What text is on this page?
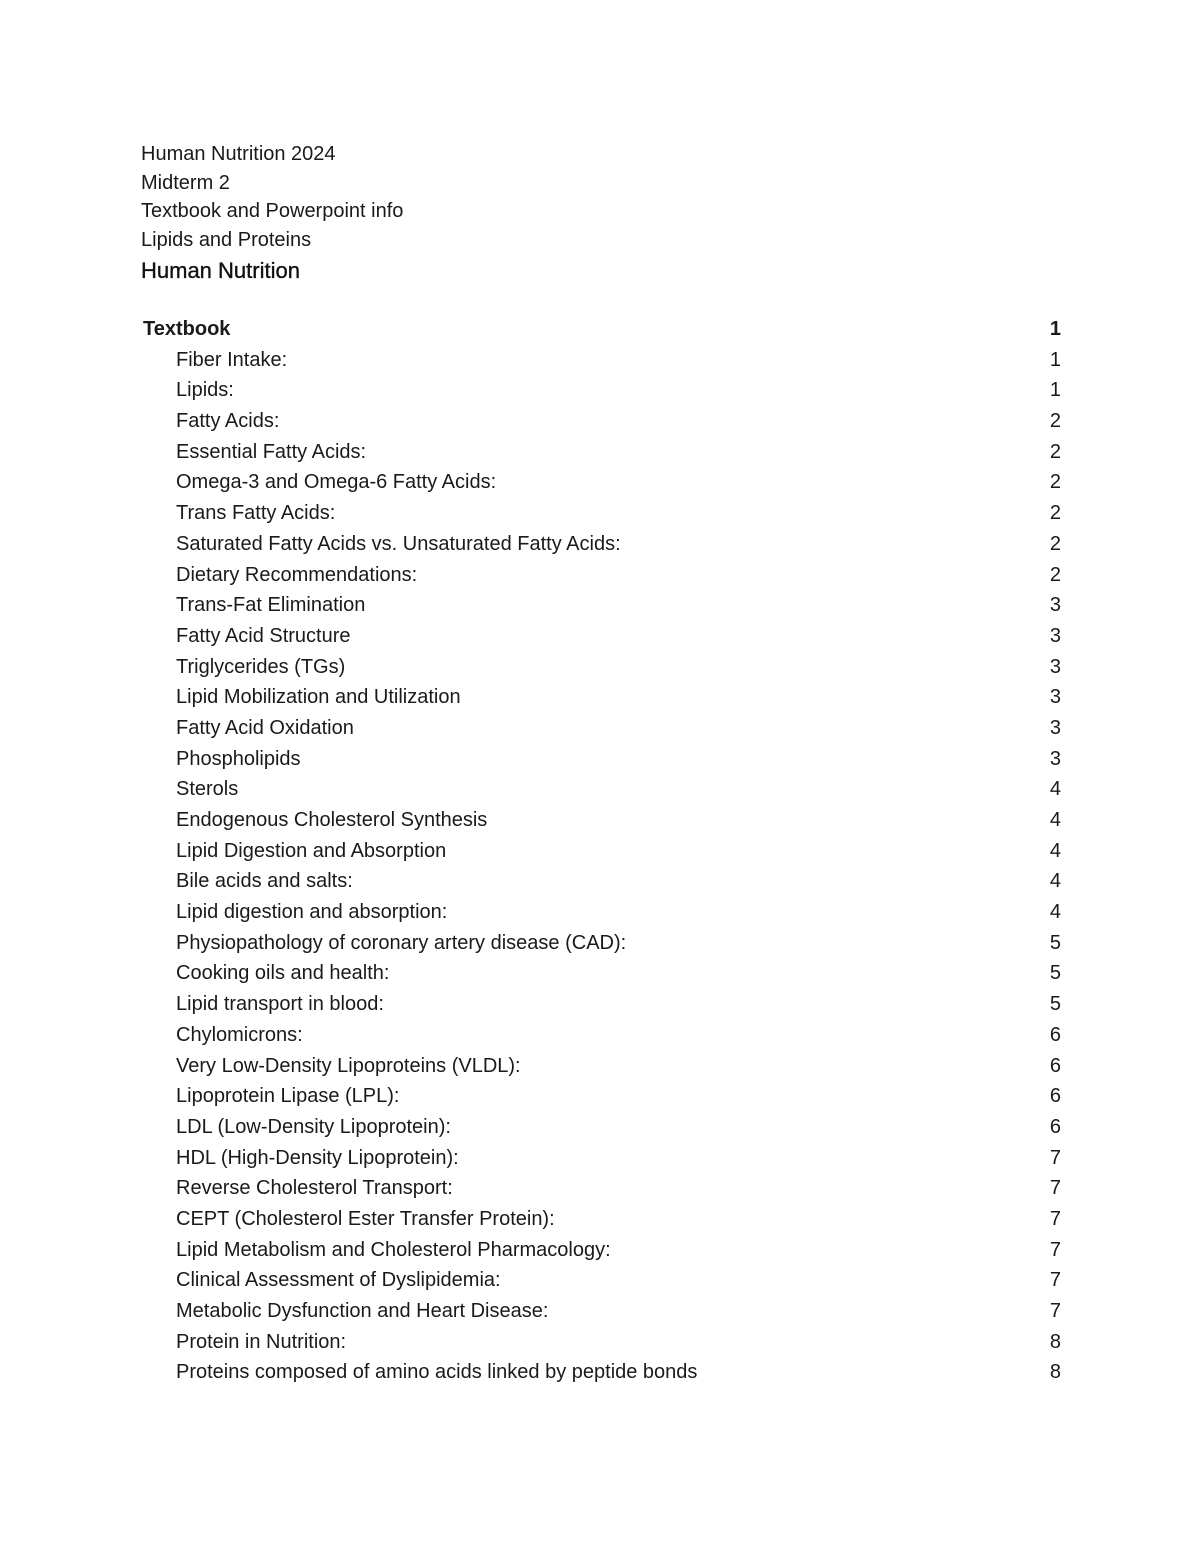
Human Nutrition 2024
Midterm 2
Textbook and Powerpoint info
Lipids and Proteins
Human Nutrition
Textbook	1
Fiber Intake:	1
Lipids:	1
Fatty Acids:	2
Essential Fatty Acids:	2
Omega-3 and Omega-6 Fatty Acids:	2
Trans Fatty Acids:	2
Saturated Fatty Acids vs. Unsaturated Fatty Acids:	2
Dietary Recommendations:	2
Trans-Fat Elimination	3
Fatty Acid Structure	3
Triglycerides (TGs)	3
Lipid Mobilization and Utilization	3
Fatty Acid Oxidation	3
Phospholipids	3
Sterols	4
Endogenous Cholesterol Synthesis	4
Lipid Digestion and Absorption	4
Bile acids and salts:	4
Lipid digestion and absorption:	4
Physiopathology of coronary artery disease (CAD):	5
Cooking oils and health:	5
Lipid transport in blood:	5
Chylomicrons:	6
Very Low-Density Lipoproteins (VLDL):	6
Lipoprotein Lipase (LPL):	6
LDL (Low-Density Lipoprotein):	6
HDL (High-Density Lipoprotein):	7
Reverse Cholesterol Transport:	7
CEPT (Cholesterol Ester Transfer Protein):	7
Lipid Metabolism and Cholesterol Pharmacology:	7
Clinical Assessment of Dyslipidemia:	7
Metabolic Dysfunction and Heart Disease:	7
Protein in Nutrition:	8
Proteins composed of amino acids linked by peptide bonds	8
